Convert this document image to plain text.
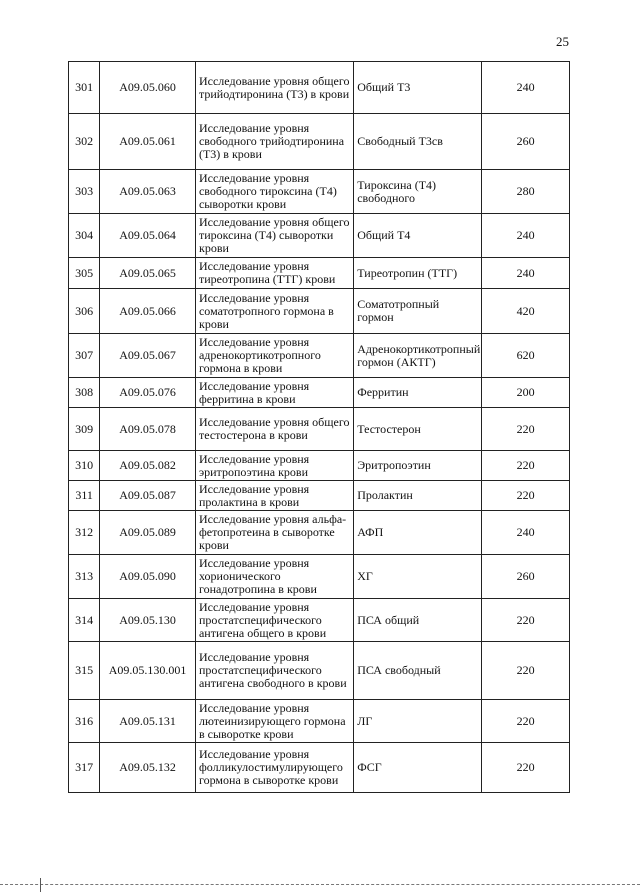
25
301	A09.05.060	Исследование уровня общего трийодтиронина (Т3) в крови	Общий Т3	240
302	A09.05.061	Исследование уровня свободного трийодтиронина (Т3) в крови	Свободный Т3св	260
303	A09.05.063	Исследование уровня свободного тироксина (Т4) сыворотки крови	Тироксина (Т4) свободного	280
304	A09.05.064	Исследование уровня общего тироксина (Т4) сыворотки крови	Общий Т4	240
305	A09.05.065	Исследование уровня тиреотропина (ТТГ) крови	Тиреотропин (ТТГ)	240
306	A09.05.066	Исследование уровня соматотропного гормона в крови	Соматотропный гормон	420
307	A09.05.067	Исследование уровня адренокортикотропного гормона в крови	Адренокортикотропный гормон (АКТГ)	620
308	A09.05.076	Исследование уровня ферритина в крови	Ферритин	200
309	A09.05.078	Исследование уровня общего тестостерона в крови	Тестостерон	220
310	A09.05.082	Исследование уровня эритропоэтина крови	Эритропоэтин	220
311	A09.05.087	Исследование уровня пролактина в крови	Пролактин	220
312	A09.05.089	Исследование уровня альфа-фетопротеина в сыворотке крови	АФП	240
313	A09.05.090	Исследование уровня хорионического гонадотропина в крови	ХГ	260
314	A09.05.130	Исследование уровня простатспецифического антигена общего в крови	ПСА общий	220
315	A09.05.130.001	Исследование уровня простатспецифического антигена свободного в крови	ПСА свободный	220
316	A09.05.131	Исследование уровня лютеинизирующего гормона в сыворотке крови	ЛГ	220
317	A09.05.132	Исследование уровня фолликулостимулирующего гормона в сыворотке крови	ФСГ	220
